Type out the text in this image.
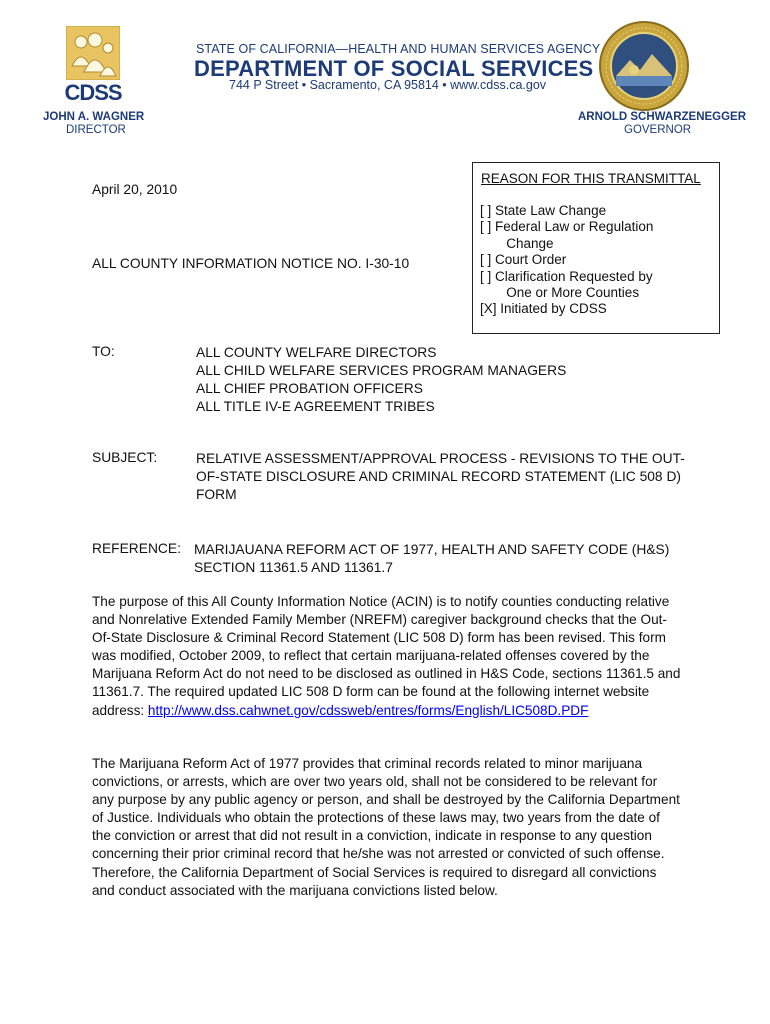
CDSS
STATE OF CALIFORNIA—HEALTH AND HUMAN SERVICES AGENCY
DEPARTMENT OF SOCIAL SERVICES
744 P Street • Sacramento, CA 95814 • www.cdss.ca.gov
JOHN A. WAGNER
DIRECTOR
ARNOLD SCHWARZENEGGER
GOVERNOR
REASON FOR THIS TRANSMITTAL
[ ] State Law Change
[ ] Federal Law or Regulation
Change
[ ] Court Order
[ ] Clarification Requested by
One or More Counties
[X] Initiated by CDSS
April 20, 2010
ALL COUNTY INFORMATION NOTICE NO. I-30-10
TO:	ALL COUNTY WELFARE DIRECTORS
ALL CHILD WELFARE SERVICES PROGRAM MANAGERS
ALL CHIEF PROBATION OFFICERS
ALL TITLE IV-E AGREEMENT TRIBES
SUBJECT:	RELATIVE ASSESSMENT/APPROVAL PROCESS - REVISIONS TO THE OUT-OF-STATE DISCLOSURE AND CRIMINAL RECORD STATEMENT (LIC 508 D) FORM
REFERENCE: MARIJAUANA REFORM ACT OF 1977, HEALTH AND SAFETY CODE (H&S) SECTION 11361.5 AND 11361.7
The purpose of this All County Information Notice (ACIN) is to notify counties conducting relative and Nonrelative Extended Family Member (NREFM) caregiver background checks that the Out-Of-State Disclosure & Criminal Record Statement (LIC 508 D) form has been revised. This form was modified, October 2009, to reflect that certain marijuana-related offenses covered by the Marijuana Reform Act do not need to be disclosed as outlined in H&S Code, sections 11361.5 and 11361.7. The required updated LIC 508 D form can be found at the following internet website address: http://www.dss.cahwnet.gov/cdssweb/entres/forms/English/LIC508D.PDF
The Marijuana Reform Act of 1977 provides that criminal records related to minor marijuana convictions, or arrests, which are over two years old, shall not be considered to be relevant for any purpose by any public agency or person, and shall be destroyed by the California Department of Justice. Individuals who obtain the protections of these laws may, two years from the date of the conviction or arrest that did not result in a conviction, indicate in response to any question concerning their prior criminal record that he/she was not arrested or convicted of such offense. Therefore, the California Department of Social Services is required to disregard all convictions and conduct associated with the marijuana convictions listed below.
